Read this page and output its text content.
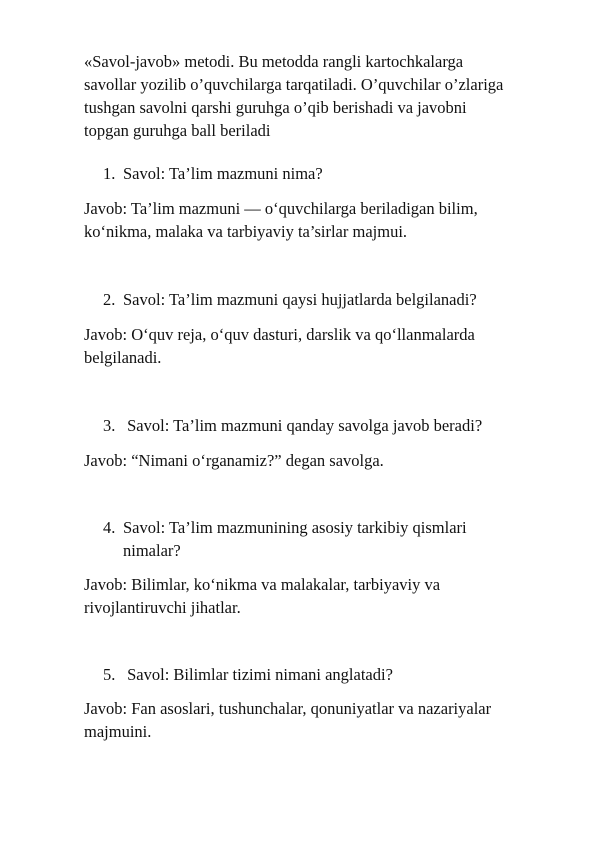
«Savol-javob» metodi. Bu metodda rangli kartochkalarga
savollar yozilib o’quvchilarga tarqatiladi. O’quvchilar o’zlariga
tushgan savolni qarshi guruhga o’qib berishadi va javobni
topgan guruhga ball beriladi
1. Savol: Ta’lim mazmuni nima?
Javob: Ta’lim mazmuni — o‘quvchilarga beriladigan bilim,
ko‘nikma, malaka va tarbiyaviy ta’sirlar majmui.
2. Savol: Ta’lim mazmuni qaysi hujjatlarda belgilanadi?
Javob: O‘quv reja, o‘quv dasturi, darslik va qo‘llanmalarda
belgilanadi.
3. Savol: Ta’lim mazmuni qanday savolga javob beradi?
Javob: “Nimani o‘rganamiz?” degan savolga.
4. Savol: Ta’lim mazmunining asosiy tarkibiy qismlari
nimalar?
Javob: Bilimlar, ko‘nikma va malakalar, tarbiyaviy va
rivojlantiruvchi jihatlar.
5. Savol: Bilimlar tizimi nimani anglatadi?
Javob: Fan asoslari, tushunchalar, qonuniyatlar va nazariyalar
majmuini.
